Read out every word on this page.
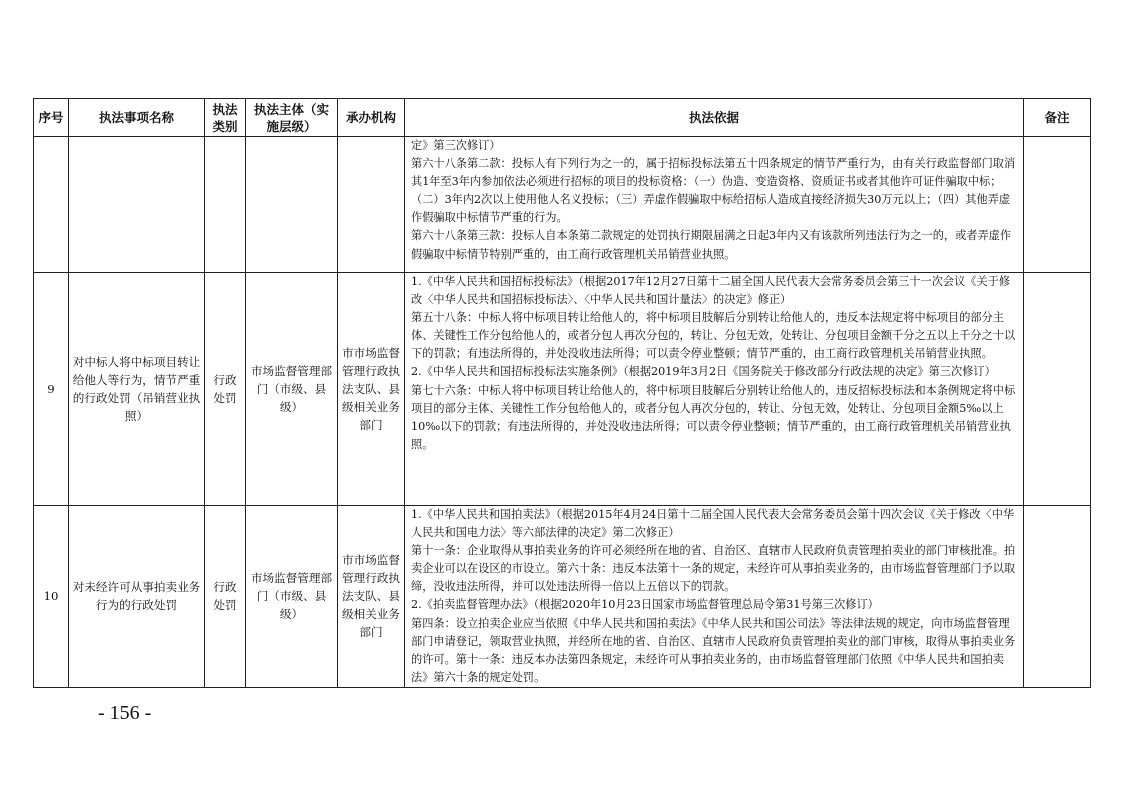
序号	执法事项名称	执法类别	执法主体（实施层级）	承办机构	执法依据	备注

					定》第三次修订）

第六十八条第二款：投标人有下列行为之一的，属于招标投标法第五十四条规定的情节严重行为，由有关行政监督部门取消其1年至3年内参加依法必须进行招标的项目的投标资格：（一）伪造、变造资格、资质证书或者其他许可证件骗取中标；（二）3年内2次以上使用他人名义投标；（三）弄虚作假骗取中标给招标人造成直接经济损失30万元以上；（四）其他弄虚作假骗取中标情节严重的行为。

第六十八条第三款：投标人自本条第二款规定的处罚执行期限届满之日起3年内又有该款所列违法行为之一的，或者弄虚作假骗取中标情节特别严重的，由工商行政管理机关吊销营业执照。	

9	对中标人将中标项目转让给他人等行为，情节严重的行政处罚（吊销营业执照）	行政处罚	市场监督管理部门（市级、县级）	市市场监督管理行政执法支队、县级相关业务部门	1.《中华人民共和国招标投标法》（根据2017年12月27日第十二届全国人民代表大会常务委员会第三十一次会议《关于修改〈中华人民共和国招标投标法〉、〈中华人民共和国计量法〉的决定》修正）

第五十八条：中标人将中标项目转让给他人的，将中标项目肢解后分别转让给他人的，违反本法规定将中标项目的部分主体、关键性工作分包给他人的，或者分包人再次分包的，转让、分包无效，处转让、分包项目金额千分之五以上千分之十以下的罚款；有违法所得的，并处没收违法所得；可以责令停业整顿；情节严重的，由工商行政管理机关吊销营业执照。

2.《中华人民共和国招标投标法实施条例》（根据2019年3月2日《国务院关于修改部分行政法规的决定》第三次修订）

第七十六条：中标人将中标项目转让给他人的，将中标项目肢解后分别转让给他人的，违反招标投标法和本条例规定将中标项目的部分主体、关键性工作分包给他人的，或者分包人再次分包的，转让、分包无效，处转让、分包项目金额5‰以上10‰以下的罚款；有违法所得的，并处没收违法所得；可以责令停业整顿；情节严重的，由工商行政管理机关吊销营业执照。	

10	对未经许可从事拍卖业务行为的行政处罚	行政处罚	市场监督管理部门（市级、县级）	市市场监督管理行政执法支队、县级相关业务部门	1.《中华人民共和国拍卖法》（根据2015年4月24日第十二届全国人民代表大会常务委员会第十四次会议《关于修改〈中华人民共和国电力法〉等六部法律的决定》第二次修正）

第十一条：企业取得从事拍卖业务的许可必须经所在地的省、自治区、直辖市人民政府负责管理拍卖业的部门审核批准。拍卖企业可以在设区的市设立。第六十条：违反本法第十一条的规定，未经许可从事拍卖业务的，由市场监督管理部门予以取缔，没收违法所得，并可以处违法所得一倍以上五倍以下的罚款。

2.《拍卖监督管理办法》（根据2020年10月23日国家市场监督管理总局令第31号第三次修订）

第四条：设立拍卖企业应当依照《中华人民共和国拍卖法》《中华人民共和国公司法》等法律法规的规定，向市场监督管理部门申请登记，领取营业执照，并经所在地的省、自治区、直辖市人民政府负责管理拍卖业的部门审核，取得从事拍卖业务的许可。第十一条：违反本办法第四条规定，未经许可从事拍卖业务的，由市场监督管理部门依照《中华人民共和国拍卖法》第六十条的规定处罚。	

- 156 -
